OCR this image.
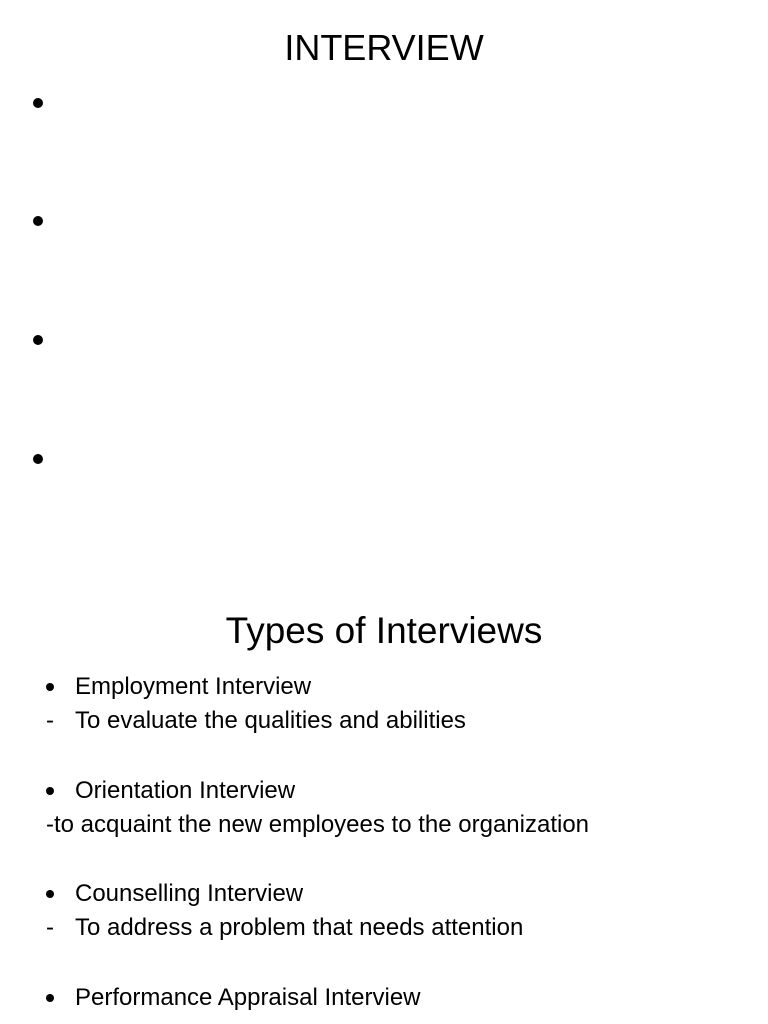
INTERVIEW
Types of Interviews
Employment Interview
- To evaluate the qualities and abilities
Orientation Interview
-to acquaint the new employees to the organization
Counselling Interview
- To address a problem that needs attention
Performance Appraisal Interview
